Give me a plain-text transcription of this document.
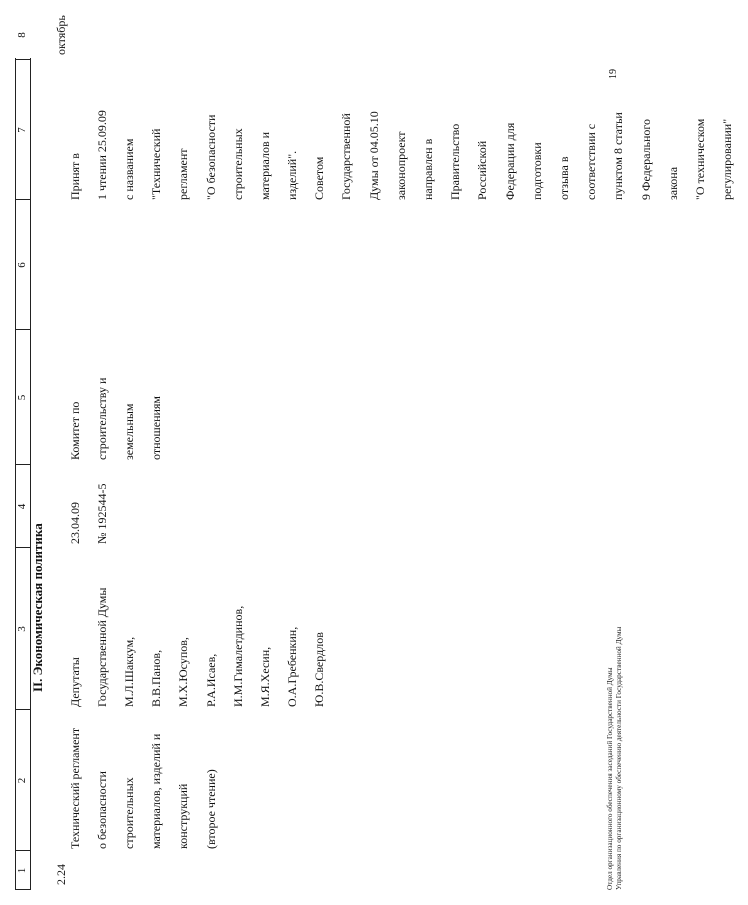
1
2
3
4
5
6
7
8
II. Экономическая политика
2.24

Технический регламент о безопасности строительных материалов, изделий и конструкций (второе чтение)

Депутаты Государственной Думы М.Л.Шаккум, В.В.Панов, М.Х.Юсупов, Р.А.Исаев, И.М.Гималетдинов, М.Я.Хесин, О.А.Гребенкин, Ю.В.Свердлов

23.04.09 № 192544-5

Комитет по строительству и земельным отношениям

Принят в 1 чтении 25.09.09 с названием "Технический регламент "О безопасности строительных материалов и изделий". Советом Государственной Думы от 04.05.10 законопроект направлен в Правительство Российской Федерации для подготовки отзыва в соответствии с пунктом 8 статьи 9 Федерального закона "О техническом регулировании"

октябрь
Отдел организационного обеспечения заседаний Государственной Думы Управления по организационному обеспечению деятельности Государственной Думы
19
